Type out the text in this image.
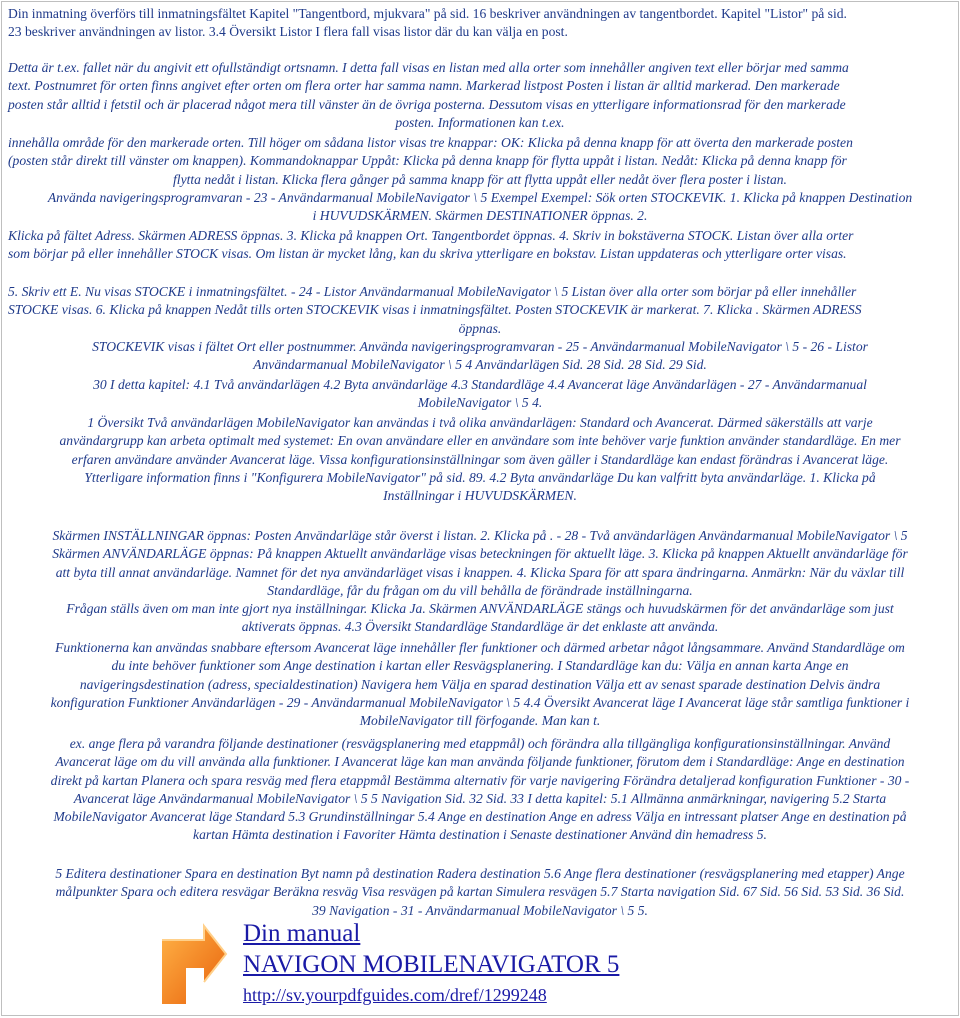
Din inmatning överförs till inmatningsfältet Kapitel "Tangentbord, mjukvara" på sid. 16 beskriver användningen av tangentbordet. Kapitel "Listor" på sid.
23 beskriver användningen av listor. 3.4 Översikt Listor I flera fall visas listor där du kan välja en post.
Detta är t.ex. fallet när du angivit ett ofullständigt ortsnamn. I detta fall visas en listan med alla orter som innehåller angiven text eller börjar med samma
text. Postnumret för orten finns angivet efter orten om flera orter har samma namn. Markerad listpost Posten i listan är alltid markerad. Den markerade
posten står alltid i fetstil och är placerad något mera till vänster än de övriga posterna. Dessutom visas en ytterligare informationsrad för den markerade
posten. Informationen kan t.ex.
innehålla område för den markerade orten. Till höger om sådana listor visas tre knappar: OK: Klicka på denna knapp för att överta den markerade posten
(posten står direkt till vänster om knappen). Kommandoknappar Uppåt: Klicka på denna knapp för flytta uppåt i listan. Nedåt: Klicka på denna knapp för
flytta nedåt i listan. Klicka flera gånger på samma knapp för att flytta uppåt eller nedåt över flera poster i listan.
Använda navigeringsprogramvaran - 23 - Användarmanual MobileNavigator \ 5 Exempel Exempel: Sök orten STOCKEVIK. 1. Klicka på knappen Destination
i HUVUDSKÄRMEN. Skärmen DESTINATIONER öppnas. 2.
Klicka på fältet Adress. Skärmen ADRESS öppnas. 3. Klicka på knappen Ort. Tangentbordet öppnas. 4. Skriv in bokstäverna STOCK. Listan över alla orter
som börjar på eller innehåller STOCK visas. Om listan är mycket lång, kan du skriva ytterligare en bokstav. Listan uppdateras och ytterligare orter visas.
5. Skriv ett E. Nu visas STOCKE i inmatningsfältet. - 24 - Listor Användarmanual MobileNavigator \ 5 Listan över alla orter som börjar på eller innehåller
STOCKE visas. 6. Klicka på knappen Nedåt tills orten STOCKEVIK visas i inmatningsfältet. Posten STOCKEVIK är markerat. 7. Klicka . Skärmen ADRESS
öppnas.
STOCKEVIK visas i fältet Ort eller postnummer. Använda navigeringsprogramvaran - 25 - Användarmanual MobileNavigator \ 5 - 26 - Listor
Användarmanual MobileNavigator \ 5 4 Användarlägen Sid. 28 Sid. 28 Sid. 29 Sid.
30 I detta kapitel: 4.1 Två användarlägen 4.2 Byta användarläge 4.3 Standardläge 4.4 Avancerat läge Användarlägen - 27 - Användarmanual
MobileNavigator \ 5 4.
1 Översikt Två användarlägen MobileNavigator kan användas i två olika användarlägen: Standard och Avancerat. Därmed säkerställs att varje
användargrupp kan arbeta optimalt med systemet: En ovan användare eller en användare som inte behöver varje funktion använder standardläge. En mer
erfaren användare använder Avancerat läge. Vissa konfigurationsinställningar som även gäller i Standardläge kan endast förändras i Avancerat läge.
Ytterligare information finns i "Konfigurera MobileNavigator" på sid. 89. 4.2 Byta användarläge Du kan valfritt byta användarläge. 1. Klicka på
Inställningar i HUVUDSKÄRMEN.
Skärmen INSTÄLLNINGAR öppnas: Posten Användarläge står överst i listan. 2. Klicka på . - 28 - Två användarlägen Användarmanual MobileNavigator \ 5
Skärmen ANVÄNDARLÄGE öppnas: På knappen Aktuellt användarläge visas beteckningen för aktuellt läge. 3. Klicka på knappen Aktuellt användarläge för
att byta till annat användarläge. Namnet för det nya användarläget visas i knappen. 4. Klicka Spara för att spara ändringarna. Anmärkn: När du växlar till
Standardläge, får du frågan om du vill behålla de förändrade inställningarna.
Frågan ställs även om man inte gjort nya inställningar. Klicka Ja. Skärmen ANVÄNDARLÄGE stängs och huvudskärmen för det användarläge som just
aktiverats öppnas. 4.3 Översikt Standardläge Standardläge är det enklaste att använda.
Funktionerna kan användas snabbare eftersom Avancerat läge innehåller fler funktioner och därmed arbetar något långsammare. Använd Standardläge om
du inte behöver funktioner som Ange destination i kartan eller Resvägsplanering. I Standardläge kan du: Välja en annan karta Ange en
navigeringsdestination (adress, specialdestination) Navigera hem Välja en sparad destination Välja ett av senast sparade destination Delvis ändra
konfiguration Funktioner Användarlägen - 29 - Användarmanual MobileNavigator \ 5 4.4 Översikt Avancerat läge I Avancerat läge står samtliga funktioner i
MobileNavigator till förfogande. Man kan t.
ex. ange flera på varandra följande destinationer (resvägsplanering med etappmål) och förändra alla tillgängliga konfigurationsinställningar. Använd
Avancerat läge om du vill använda alla funktioner. I Avancerat läge kan man använda följande funktioner, förutom dem i Standardläge: Ange en destination
direkt på kartan Planera och spara resväg med flera etappmål Bestämma alternativ för varje navigering Förändra detaljerad konfiguration Funktioner - 30 -
Avancerat läge Användarmanual MobileNavigator \ 5 5 Navigation Sid. 32 Sid. 33 I detta kapitel: 5.1 Allmänna anmärkningar, navigering 5.2 Starta
MobileNavigator Avancerat läge Standard 5.3 Grundinställningar 5.4 Ange en destination Ange en adress Välja en intressant platser Ange en destination på
kartan Hämta destination i Favoriter Hämta destination i Senaste destinationer Använd din hemadress 5.
5 Editera destinationer Spara en destination Byt namn på destination Radera destination 5.6 Ange flera destinationer (resvägsplanering med etapper) Ange
målpunkter Spara och editera resvägar Beräkna resväg Visa resvägen på kartan Simulera resvägen 5.7 Starta navigation Sid. 67 Sid. 56 Sid. 53 Sid. 36 Sid.
39 Navigation - 31 - Användarmanual MobileNavigator \ 5 5.
Din manual
NAVIGON MOBILENAVIGATOR 5
http://sv.yourpdfguides.com/dref/1299248
